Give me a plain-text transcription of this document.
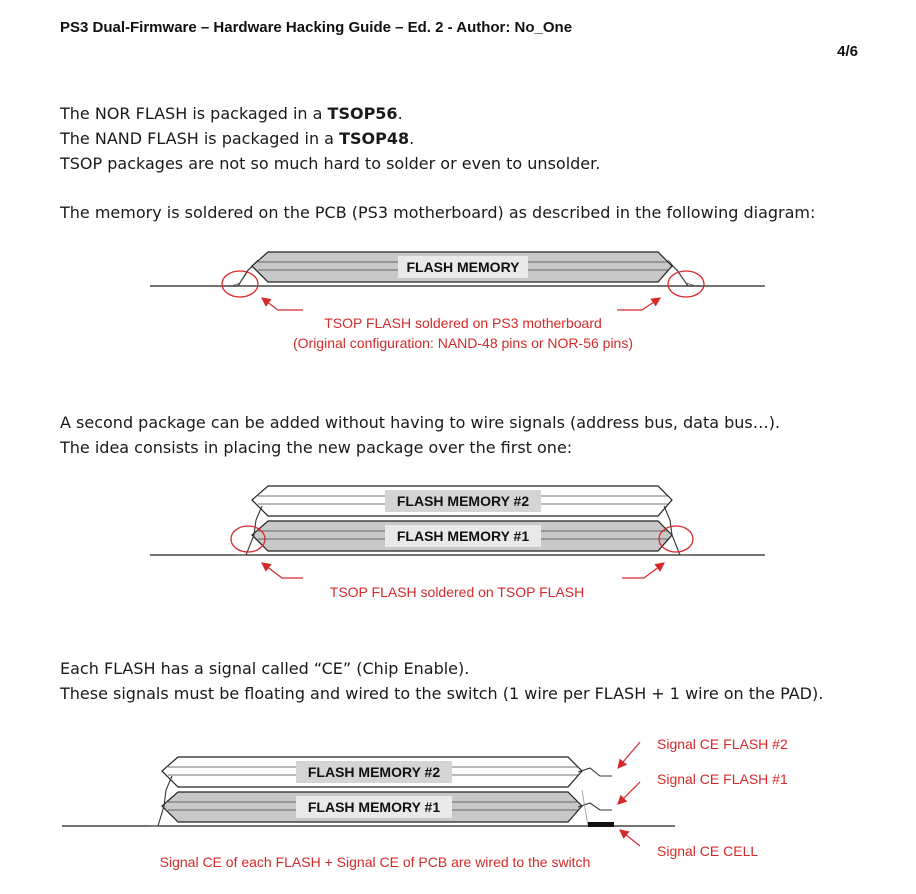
PS3 Dual-Firmware – Hardware Hacking Guide – Ed. 2 - Author: No_One
4/6
The NOR FLASH is packaged in a TSOP56.
The NAND FLASH is packaged in a TSOP48.
TSOP packages are not so much hard to solder or even to unsolder.
The memory is soldered on the PCB (PS3 motherboard) as described in the following diagram:
A second package can be added without having to wire signals (address bus, data bus…).
The idea consists in placing the new package over the first one:
Each FLASH has a signal called “CE” (Chip Enable).
These signals must be floating and wired to the switch (1 wire per FLASH + 1 wire on the PAD).
FLASH MEMORY
TSOP FLASH soldered on PS3 motherboard
(Original configuration: NAND-48 pins or NOR-56 pins)
FLASH MEMORY #2
FLASH MEMORY #1
TSOP FLASH soldered on TSOP FLASH
FLASH MEMORY #2
FLASH MEMORY #1
Signal CE FLASH #2
Signal CE FLASH #1
Signal CE CELL
Signal CE of each FLASH + Signal CE of PCB are wired to the switch
